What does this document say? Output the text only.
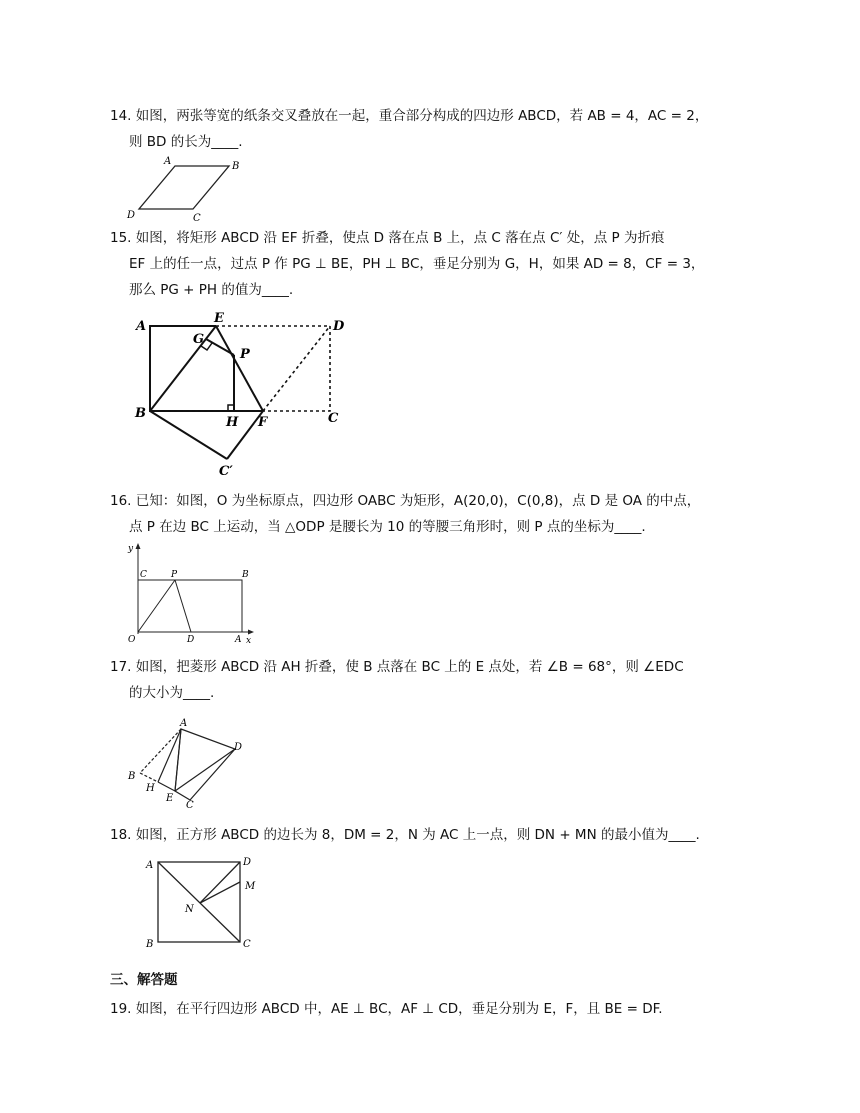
14. 如图，两张等宽的纸条交叉叠放在一起，重合部分构成的四边形 ABCD，若 AB = 4，AC = 2，
则 BD 的长为____.
A	B
C
D
15. 如图，将矩形 ABCD 沿 EF 折叠，使点 D 落在点 B 上，点 C 落在点 C′ 处，点 P 为折痕
EF 上的任一点，过点 P 作 PG ⊥ BE，PH ⊥ BC，垂足分别为 G，H，如果 AD = 8，CF = 3，
那么 PG + PH 的值为____.
A
E
D
G
P
B
H F	C
C′
16. 已知：如图，O 为坐标原点，四边形 OABC 为矩形，A(20,0)，C(0,8)，点 D 是 OA 的中点，
点 P 在边 BC 上运动，当 △ODP 是腰长为 10 的等腰三角形时，则 P 点的坐标为____.
y
x
C	P	B
O	D	A
17. 如图，把菱形 ABCD 沿 AH 折叠，使 B 点落在 BC 上的 E 点处，若 ∠B = 68°，则 ∠EDC
的大小为____.
A
D
B
H
E
C
18. 如图，正方形 ABCD 的边长为 8，DM = 2，N 为 AC 上一点，则 DN + MN 的最小值为____.
A	D
M
N
B	C
三、解答题
19. 如图，在平行四边形 ABCD 中，AE ⊥ BC，AF ⊥ CD，垂足分别为 E，F，且 BE = DF.
